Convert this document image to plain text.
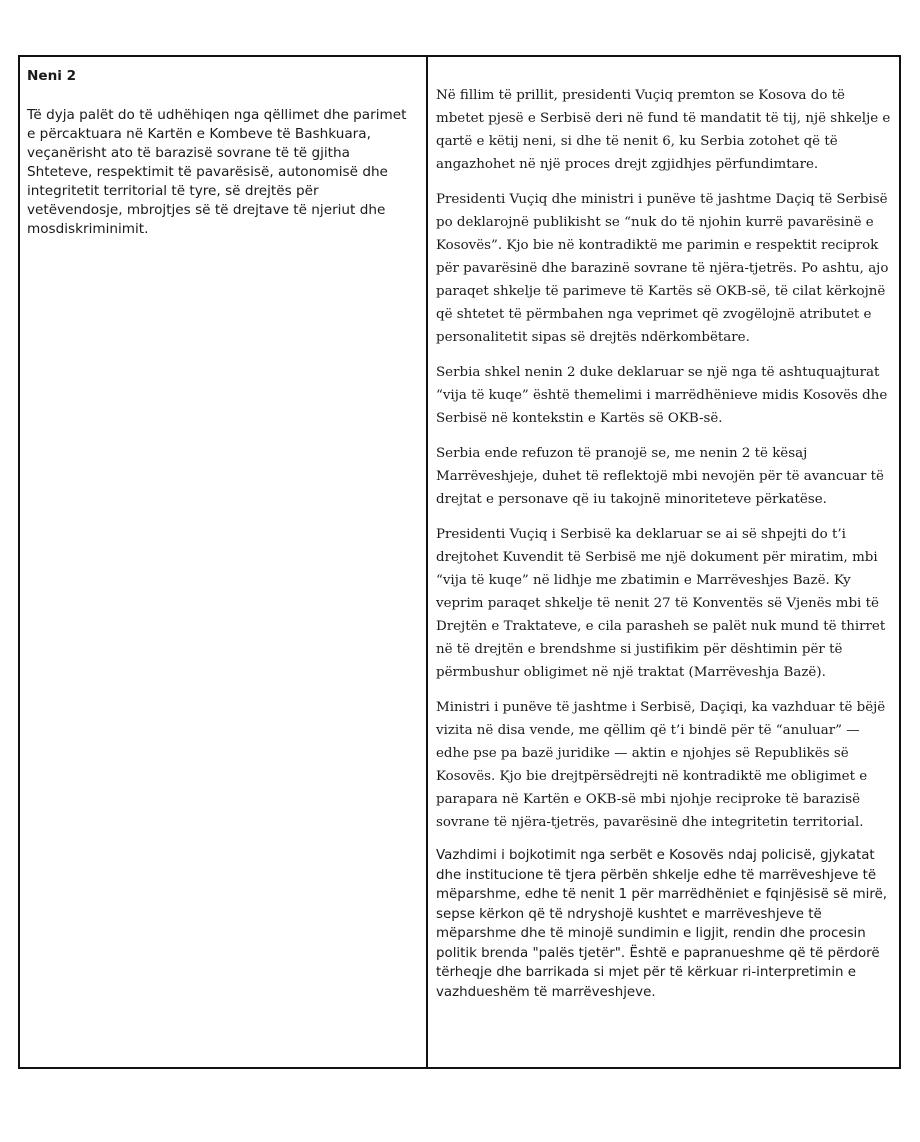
Neni 2

Të dyja palët do të udhëhiqen nga qëllimet dhe parimet e përcaktuara në Kartën e Kombeve të Bashkuara, veçanërisht ato të barazisë sovrane të të gjitha Shteteve, respektimit të pavarësisë, autonomisë dhe integritetit territorial të tyre, së drejtës për vetëvendosje, mbrojtjes së të drejtave të njeriut dhe mosdiskriminimit.

Në fillim të prillit, presidenti Vuçiq premton se Kosova do të mbetet pjesë e Serbisë deri në fund të mandatit të tij, një shkelje e qartë e këtij neni, si dhe të nenit 6, ku Serbia zotohet që të angazhohet në një proces drejt zgjidhjes përfundimtare.

Presidenti Vuçiq dhe ministri i punëve të jashtme Daçiq të Serbisë po deklarojnë publikisht se “nuk do të njohin kurrë pavarësinë e Kosovës”. Kjo bie në kontradiktë me parimin e respektit reciprok për pavarësinë dhe barazinë sovrane të njëra-tjetrës. Po ashtu, ajo paraqet shkelje të parimeve të Kartës së OKB-së, të cilat kërkojnë që shtetet të përmbahen nga veprimet që zvogëlojnë atributet e personalitetit sipas së drejtës ndërkombëtare.

Serbia shkel nenin 2 duke deklaruar se një nga të ashtuquajturat “vija të kuqe” është themelimi i marrëdhënieve midis Kosovës dhe Serbisë në kontekstin e Kartës së OKB-së.

Serbia ende refuzon të pranojë se, me nenin 2 të kësaj Marrëveshjeje, duhet të reflektojë mbi nevojën për të avancuar të drejtat e personave që iu takojnë minoriteteve përkatëse.

Presidenti Vuçiq i Serbisë ka deklaruar se ai së shpejti do t’i drejtohet Kuvendit të Serbisë me një dokument për miratim, mbi “vija të kuqe” në lidhje me zbatimin e Marrëveshjes Bazë. Ky veprim paraqet shkelje të nenit 27 të Konventës së Vjenës mbi të Drejtën e Traktateve, e cila parasheh se palët nuk mund të thirret në të drejtën e brendshme si justifikim për dështimin për të përmbushur obligimet në një traktat (Marrëveshja Bazë).

Ministri i punëve të jashtme i Serbisë, Daçiqi, ka vazhduar të bëjë vizita në disa vende, me qëllim që t’i bindë për të “anuluar” — edhe pse pa bazë juridike — aktin e njohjes së Republikës së Kosovës. Kjo bie drejtpërsëdrejti në kontradiktë me obligimet e parapara në Kartën e OKB-së mbi njohje reciproke të barazisë sovrane të njëra-tjetrës, pavarësinë dhe integritetin territorial.

Vazhdimi i bojkotimit nga serbët e Kosovës ndaj policisë, gjykatat dhe institucione të tjera përbën shkelje edhe të marrëveshjeve të mëparshme, edhe të nenit 1 për marrëdhëniet e fqinjësisë së mirë, sepse kërkon që të ndryshojë kushtet e marrëveshjeve të mëparshme dhe të minojë sundimin e ligjit, rendin dhe procesin politik brenda "palës tjetër". Është e papranueshme që të përdorë tërheqje dhe barrikada si mjet për të kërkuar ri-interpretimin e vazhdueshëm të marrëveshjeve.
